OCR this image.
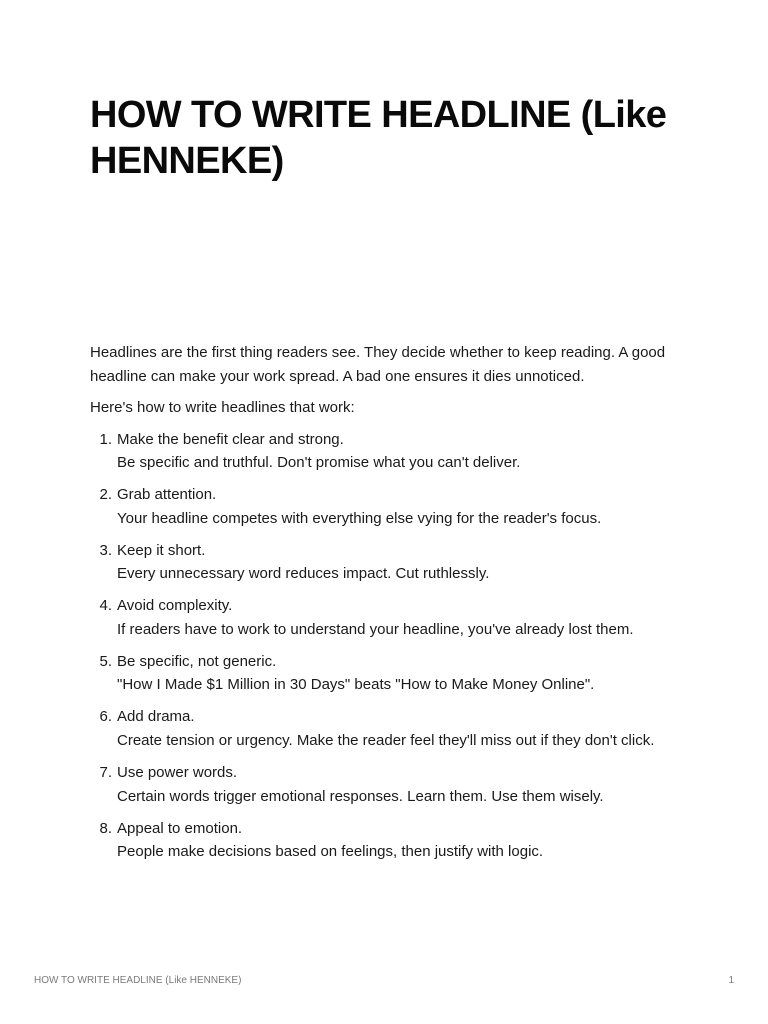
HOW TO WRITE HEADLINE (Like HENNEKE)

Headlines are the first thing readers see. They decide whether to keep reading. A good headline can make your work spread. A bad one ensures it dies unnoticed.

Here's how to write headlines that work:

1. Make the benefit clear and strong.
Be specific and truthful. Don't promise what you can't deliver.
2. Grab attention.
Your headline competes with everything else vying for the reader's focus.
3. Keep it short.
Every unnecessary word reduces impact. Cut ruthlessly.
4. Avoid complexity.
If readers have to work to understand your headline, you've already lost them.
5. Be specific, not generic.
"How I Made $1 Million in 30 Days" beats "How to Make Money Online".
6. Add drama.
Create tension or urgency. Make the reader feel they'll miss out if they don't click.
7. Use power words.
Certain words trigger emotional responses. Learn them. Use them wisely.
8. Appeal to emotion.
People make decisions based on feelings, then justify with logic.
HOW TO WRITE HEADLINE (Like HENNEKE)	1
